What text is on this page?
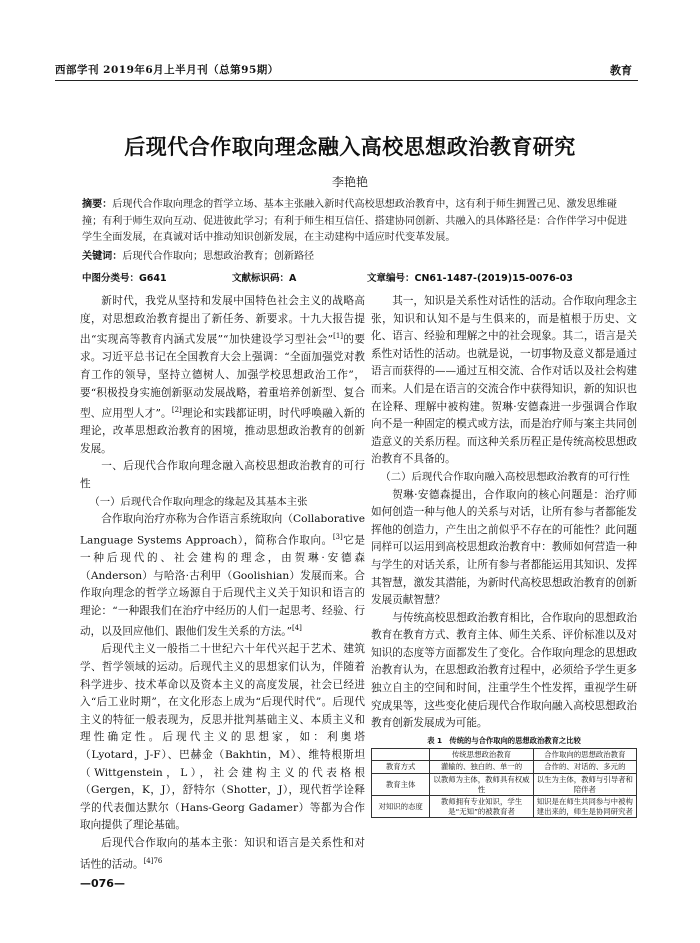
西部学刊 2019年6月上半月刊（总第95期）	教育
后现代合作取向理念融入高校思想政治教育研究
李艳艳
摘要：后现代合作取向理念的哲学立场、基本主张融入新时代高校思想政治教育中，这有利于师生拥置己见、激发思维碰撞；有利于师生双向互动、促进彼此学习；有利于师生相互信任、搭建协同创新、共融入的具体路径是：合作伴学习中促进学生全面发展，在真诚对话中推动知识创新发展，在主动建构中适应时代变革发展。
关键词：后现代合作取向；思想政治教育；创新路径
中图分类号：G641	文献标识码：A	文章编号：CN61-1487-(2019)15-0076-03

新时代，我党从坚持和发展中国特色社会主义的战略高度，对思想政治教育提出了新任务、新要求。十九大报告提出“实现高等教育内涵式发展”“加快建设学习型社会”[1]的要求。习近平总书记在全国教育大会上强调：“全面加强党对教育工作的领导，坚持立德树人、加强学校思想政治工作”，要“积极投身实施创新驱动发展战略，着重培养创新型、复合型、应用型人才”。[2]理论和实践都证明，时代呼唤融入新的理论，改革思想政治教育的困境，推动思想政治教育的创新发展。

一、后现代合作取向理念融入高校思想政治教育的可行性

（一）后现代合作取向理念的缘起及其基本主张

合作取向治疗亦称为合作语言系统取向（Collaborative Language Systems Approach），简称合作取向。[3]它是一种后现代的、社会建构的理念，由贺琳·安德森（Anderson）与哈洛·古利甲（Goolishian）发展而来。合作取向理念的哲学立场源自于后现代主义关于知识和语言的理论：“一种跟我们在治疗中经历的人们一起思考、经验、行动，以及回应他们、跟他们发生关系的方法。”[4]

后现代主义一般指二十世纪六十年代兴起于艺术、建筑学、哲学领域的运动。后现代主义的思想家们认为，伴随着科学进步、技术革命以及资本主义的高度发展，社会已经进入“后工业时期”，在文化形态上成为“后现代时代”。后现代主义的特征一般表现为，反思并批判基础主义、本质主义和理性确定性。后现代主义的思想家，如：利奥塔（Lyotard，J-F）、巴赫金（Bakhtin，M）、维特根斯坦（Wittgenstein，L），社会建构主义的代表格根（Gergen，K，J），舒特尔（Shotter，J），现代哲学诠释学的代表伽达默尔（Hans-Georg Gadamer）等都为合作取向提供了理论基础。

后现代合作取向的基本主张：知识和语言是关系性和对话性的活动。$^{[4]76}$

其一，知识是关系性对话性的活动。合作取向理念主张，知识和认知不是与生俱来的，而是植根于历史、文化、语言、经验和理解之中的社会现象。其二，语言是关系性对话性的活动。也就是说，一切事物及意义都是通过语言而获得的——通过互相交流、合作对话以及社会构建而来。人们是在语言的交流合作中获得知识，新的知识也在诠释、理解中被构建。贺琳·安德森进一步强调合作取向不是一种固定的模式或方法，而是治疗师与案主共同创造意义的关系历程。而这种关系历程正是传统高校思想政治教育不具备的。

（二）后现代合作取向融入高校思想政治教育的可行性

贺琳·安德森提出，合作取向的核心问题是：治疗师如何创造一种与他人的关系与对话，让所有参与者都能发挥他的创造力，产生出之前似乎不存在的可能性？此问题同样可以运用到高校思想政治教育中：教师如何营造一种与学生的对话关系，让所有参与者都能运用其知识、发挥其智慧，激发其潜能，为新时代高校思想政治教育的创新发展贡献智慧？

与传统高校思想政治教育相比，合作取向的思想政治教育在教育方式、教育主体、师生关系、评价标准以及对知识的态度等方面都发生了变化。合作取向理念的思想政治教育认为，在思想政治教育过程中，必须给予学生更多独立自主的空间和时间，注重学生个性发挥，重视学生研究成果等，这些变化使后现代合作取向融入高校思想政治教育创新发展成为可能。

表 1　传统的与合作取向的思想政治教育之比较
	传统思想政治教育	合作取向的思想政治教育
教育方式	灌输的、独白的、单一的	合作的、对话的、多元的
教育主体	以教师为主体，教师具有权威性	以生为主体，教师与引导者和陪伴者
对知识的态度	教师拥有专业知识，学生是“无知”的被教育者	知识是在师生共同参与中被构建出来的，师生是协同研究者
—076—
